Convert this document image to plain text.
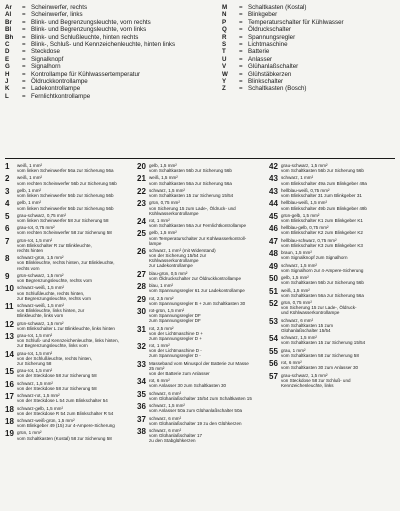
Ar	= Scheinwerfer, rechts
Al	= Scheinwerfer, links
Br	= Blink- und Begrenzungsleuchte, vorn rechts
Bl	= Blink- und Begrenzungsleuchte, vorn links
Bh	= Blink- und Schlußleuchte, hinten rechts
C	= Blink-, Schluß- und Kennzeichenleuchte, hinten links
D	= Steckdose
E	= Signalknopf
G	= Signalhorn
H	= Kontrollampe für Kühlwassertemperatur
J	= Öldruckkontrollampe
K	= Ladekontrollampe
L	= Fernlichtkontrollampe
M	= Schaltkasten (Kostal)
N	= Blinkgeber
P	= Temperaturschalter für Kühlwasser
Q	= Öldruckschalter
R	= Spannungsregler
S	= Lichtmaschine
T	= Batterie
U	= Anlasser
V	= Glühanlaßschalter
W	= Glühstäbkerzen
Y	= Blinkschalter
Z	= Schaltkasten (Bosch)
1	weiß, 1 mm²
vom linken Scheinwerfer 56a zur Sicherung 56a
2	weiß, 1 mm²
vom rechten Scheinwerfer 56b zur Sicherung 56b
3	gelb, 1 mm²
vom linken Scheinwerfer 56b zur Sicherung 56b
4	gelb, 1 mm²
vom linken Scheinwerfer 56b zur Sicherung 56b
5	grau-schwarz, 0,75 mm²
vom linken Scheinwerfer 58 zur Sicherung 58
6	grau-rot, 0,75 mm²
vom rechten Scheinwerfer 58 zur Sicherung 58
7	grün-rot, 1,5 mm²
vom Blinkschalter R zur Blinkleuchte,
rechts hinten
8	schwarz-grün, 1,5 mm²
von Blinkleuchte, rechts hinten, zur Blinkleuchte,
rechts vorn
9	grün-schwarz, 1,5 mm²
von Begrenzungsleuchte, rechts vorn
10 schwarz-weiß, 1,5 mm²
von Schlußleuchte, rechts hinten,
zur Begrenzungsleuchte, rechts vorn
11 schwarz-weiß, 1,5 mm²
von Blinkleuchte, links hinten, zur
Blinkleuchte, links vorn
12 grün-schwarz, 1,5 mm²
vom Blinkschalter L zur Blinkleuchte, links hinten
13 grau-rot, 1,5 mm²
von Schluß- und Kennzeichenleuchte, links hinten,
zur Begrenzungsleuchte, links vorn
14 grau-rot, 1,5 mm²
von der Schlußleuchte, rechts hinten,
zur Sicherung 58
15 grau-rot, 1,5 mm²
von der Steckdose 58 zur Sicherung 58
16 schwarz, 1,5 mm²
von der Steckdose 58 zur Sicherung 58
17 schwarz-rot, 1,5 mm²
von der Steckdose L 54 zum Blinkschalter 54
18 schwarz-gelb, 1,5 mm²
von der Steckdose R 54 zum Blinkschalter R 54
18 schwarz-weiß-grün, 1,5 mm²
vom Blinkgeber 49 (15) zur 4-Ampere-Sicherung
19 grün, 1 mm²
vom Schaltkasten (Kostal) 58 zur Sicherung 58
20 gelb, 1,5 mm²
vom Schaltkasten 56b zur Sicherung 56b
21 weiß, 1,5 mm²
vom Schaltkasten 56a zur Sicherung 56a
22 schwarz, 1,5 mm²
vom Schaltkasten 15 zur Sicherung 15/54
23 grün, 0,75 mm²
von Sicherung 15 zum Lade-, Öldruck- und
Kühlwasserkontrollampe
24 rot, 1 mm²
vom Schaltkasten 56a zur Fernlichtkontrollampe
25 gelb, 1,5 mm²
vom Temperaturschalter zur Kühlwasserkontroll-
lampe
26 schwarz, 1 mm² (mit Widerstand)
von der Sicherung 15/54 zur
Kühlwasserkontrollampe
zur Ladekontrollampe
27 blau-grün, 0,5 mm²
vom Öldruckschalter zur Öldruckkontrollampe
28 blau, 1 mm²
vom Spannungsregler 61 zur Ladekontrollampe
29 rot, 2,5 mm²
vom Spannungsregler B + zum Schaltkasten 30
30 rot-grün, 1,5 mm²
vom Spannungsregler DF
zum Spannungsregler DF
31 rot, 2,5 mm²
von der Lichtmaschine D +
zum Spannungsregler D +
32 rot, 1 mm²
von der Lichtmaschine D -
zum Spannungsregler D -
33 Masseband vom Minuspol der Batterie zur Masse
25 mm²
von der Batterie zum Anlasser
34 rot, 6 mm²
vom Anlasser 30 zum Schaltkasten 30
35 schwarz, 6 mm²
vom Glühanlaßschalter 15/54 zum Schaltkasten 15
36 schwarz, 1,5 mm²
vom Anlasser 50a zum Glühanlaßschalter 50a
37 schwarz, 6 mm²
vom Glühanlaßschalter 19 zu den Glühkerzen
38 schwarz, 6 mm²
vom Glühanlaßschalter 17
zu den Stabglühkerzen
42 grau-schwarz, 1,5 mm²
vom Schaltkasten 56b zur Sicherung 56b
43 schwarz, 1 mm²
vom Blinkschalter 49a zum Blinkgeber 49a
43 hellblau-weiß, 0,75 mm²
vom Blinkschalter 31 zum Blinkgeber 31
44 hellblau-weiß, 1,5 mm²
vom Blinkschalter 49b zum Blinkgeber 49b
45 grün-gelb, 1,5 mm²
vom Blinkschalter K1 zum Blinkgeber K1
46 hellblau-gelb, 0,75 mm²
vom Blinkschalter K2 zum Blinkgeber K2
47 hellblau-schwarz, 0,75 mm²
vom Blinkschalter K3 zum Blinkgeber K3
48 braun, 1,5 mm²
vom Signalknopf zum Signalhorn
49 schwarz, 1,5 mm²
vom Signalhorn zur 4-Ampere-Sicherung
50 gelb, 1,5 mm²
vom Schaltkasten 56b zur Sicherung 56b
51 weiß, 1,5 mm²
vom Schaltkasten 56a zur Sicherung 56a
52 grün, 0,75 mm²
von Sicherung 15 zur Lade-, Öldruck-
und Kühlwasserkontrollampe
53 schwarz, 6 mm²
vom Schaltkasten 15 zum
Glühanlaßschalter 15/54
54 schwarz, 1,5 mm²
vom Schaltkasten 15 zur Sicherung 15/54
55 grau, 1 mm²
vom Schaltkasten 58 zur Sicherung 58
56 rot, 6 mm²
vom Schaltkasten 30 zum Anlasser 30
57 grau-schwarz, 1,5 mm²
von Steckdose 58 zur Schluß- und
Kennzeichenleuchte, links
